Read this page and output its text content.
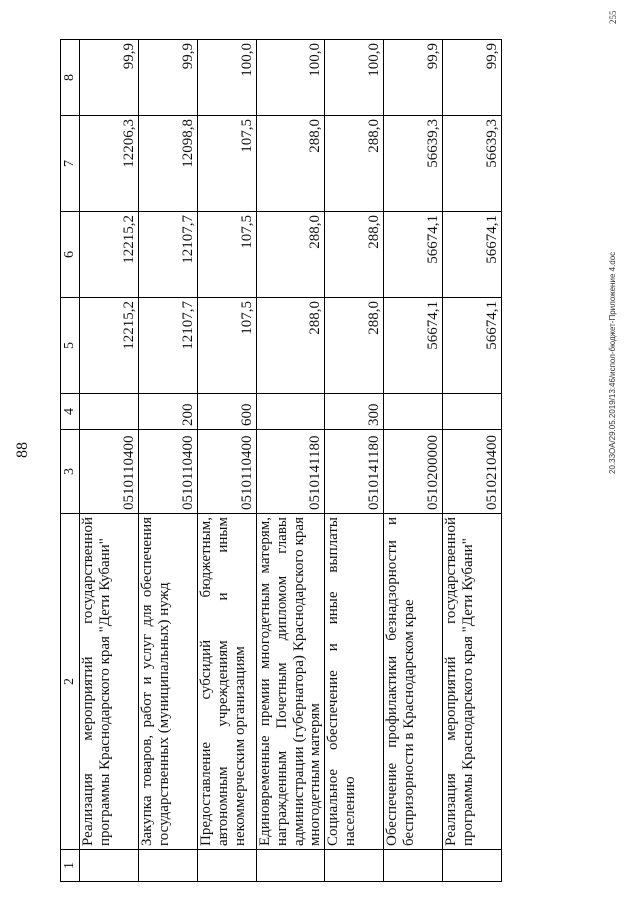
88
1	2	3	4	5	6	7	8
	Реализация мероприятий государственной программы Краснодарского края "Дети Кубани"	0510110400		12215,2	12215,2	12206,3	99,9
	Закупка товаров, работ и услуг для обеспечения государственных (муниципальных) нужд	0510110400	200	12107,7	12107,7	12098,8	99,9
	Предоставление субсидий бюджетным, автономным учреждениям и иным некоммерческим организациям	0510110400	600	107,5	107,5	107,5	100,0
	Единовременные премии многодетным матерям, награжденным Почетным дипломом главы администрации (губернатора) Краснодарского края многодетным матерям	0510141180		288,0	288,0	288,0	100,0
	Социальное обеспечение и иные выплаты населению	0510141180	300	288,0	288,0	288,0	100,0
	Обеспечение профилактики безнадзорности и беспризорности в Краснодарском крае	0510200000		56674,1	56674,1	56639,3	99,9
	Реализация мероприятий государственной программы Краснодарского края "Дети Кубани"	0510210400		56674,1	56674,1	56639,3	99,9
20.33ОА/29.05.2019/13:46/испол-бюджет-Приложение 4.doc
255
